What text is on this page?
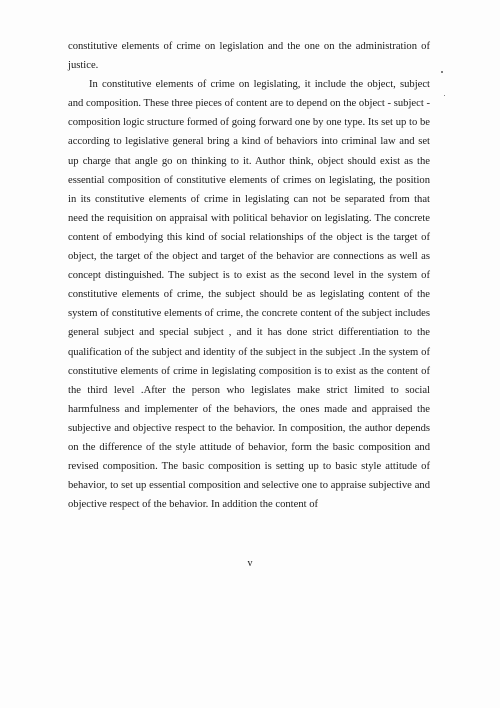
constitutive elements of crime on legislation and the one on the administration of justice.

In constitutive elements of crime on legislating, it include the object, subject and composition. These three pieces of content are to depend on the object - subject - composition logic structure formed of going forward one by one type. Its set up to be according to legislative general bring a kind of behaviors into criminal law and set up charge that angle go on thinking to it. Author think, object should exist as the essential composition of constitutive elements of crimes on legislating, the position in its constitutive elements of crime in legislating can not be separated from that need the requisition on appraisal with political behavior on legislating. The concrete content of embodying this kind of social relationships of the object is the target of object, the target of the object and target of the behavior are connections as well as concept distinguished. The subject is to exist as the second level in the system of constitutive elements of crime, the subject should be as legislating content of the system of constitutive elements of crime, the concrete content of the subject includes general subject and special subject , and it has done strict differentiation to the qualification of the subject and identity of the subject in the subject .In the system of constitutive elements of crime in legislating composition is to exist as the content of the third level .After the person who legislates make strict limited to social harmfulness and implementer of the behaviors, the ones made and appraised the subjective and objective respect to the behavior. In composition, the author depends on the difference of the style attitude of behavior, form the basic composition and revised composition. The basic composition is setting up to basic style attitude of behavior, to set up essential composition and selective one to appraise subjective and objective respect of the behavior. In addition the content of

v
